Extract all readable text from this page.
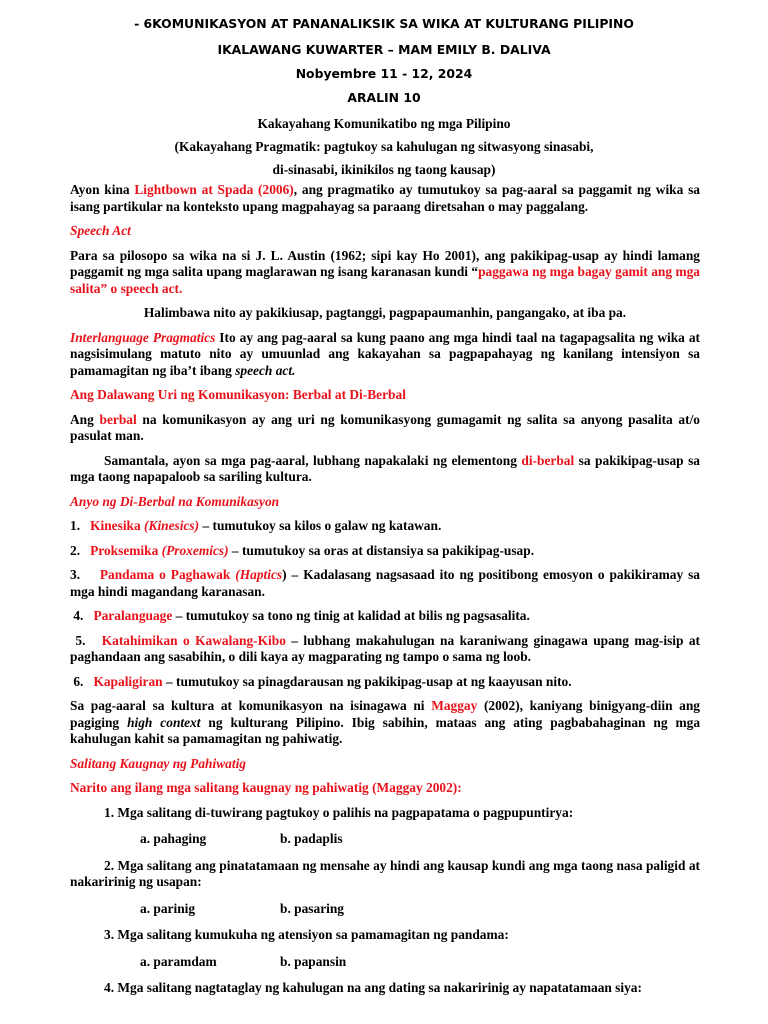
- 6KOMUNIKASYON AT PANANALIKSIK SA WIKA AT KULTURANG PILIPINO
IKALAWANG KUWARTER – MAM EMILY B. DALIVA
Nobyembre 11 - 12, 2024
ARALIN 10
Kakayahang Komunikatibo ng mga Pilipino
(Kakayahang Pragmatik: pagtukoy sa kahulugan ng sitwasyong sinasabi,
di-sinasabi, ikinikilos ng taong kausap)

Ayon kina Lightbown at Spada (2006), ang pragmatiko ay tumutukoy sa pag-aaral sa paggamit ng wika sa isang partikular na konteksto upang magpahayag sa paraang diretsahan o may paggalang.

Speech Act

Para sa pilosopo sa wika na si J. L. Austin (1962; sipi kay Ho 2001), ang pakikipag-usap ay hindi lamang paggamit ng mga salita upang maglarawan ng isang karanasan kundi “paggawa ng mga bagay gamit ang mga salita” o speech act.

Halimbawa nito ay pakikiusap, pagtanggi, pagpapaumanhin, pangangako, at iba pa.

Interlanguage Pragmatics Ito ay ang pag-aaral sa kung paano ang mga hindi taal na tagapagsalita ng wika at nagsisimulang matuto nito ay umuunlad ang kakayahan sa pagpapahayag ng kanilang intensiyon sa pamamagitan ng iba’t ibang speech act.

Ang Dalawang Uri ng Komunikasyon: Berbal at Di-Berbal

Ang berbal na komunikasyon ay ang uri ng komunikasyong gumagamit ng salita sa anyong pasalita at/o pasulat man.

Samantala, ayon sa mga pag-aaral, lubhang napakalaki ng elementong di-berbal sa pakikipag-usap sa mga taong napapaloob sa sariling kultura.

Anyo ng Di-Berbal na Komunikasyon

1.   Kinesika (Kinesics) – tumutukoy sa kilos o galaw ng katawan.

2.   Proksemika (Proxemics) – tumutukoy sa oras at distansiya sa pakikipag-usap.

3.    Pandama o Paghawak (Haptics) – Kadalasang nagsasaad ito ng positibong emosyon o pakikiramay sa mga hindi magandang karanasan.

4.   Paralanguage – tumutukoy sa tono ng tinig at kalidad at bilis ng pagsasalita.

5.   Katahimikan o Kawalang-Kibo – lubhang makahulugan na karaniwang ginagawa upang mag-isip at paghandaan ang sasabihin, o dili kaya ay magparating ng tampo o sama ng loob.

6.   Kapaligiran – tumutukoy sa pinagdarausan ng pakikipag-usap at ng kaayusan nito.

Sa pag-aaral sa kultura at komunikasyon na isinagawa ni Maggay (2002), kaniyang binigyang-diin ang pagiging high context ng kulturang Pilipino. Ibig sabihin, mataas ang ating pagbabahaginan ng mga kahulugan kahit sa pamamagitan ng pahiwatig.

Salitang Kaugnay ng Pahiwatig
Narito ang ilang mga salitang kaugnay ng pahiwatig (Maggay 2002):

1. Mga salitang di-tuwirang pagtukoy o palihis na pagpapatama o pagpupuntirya:

a. pahaging	b. padaplis

2. Mga salitang ang pinatatamaan ng mensahe ay hindi ang kausap kundi ang mga taong nasa paligid at nakaririnig ng usapan:

a. parinig	b. pasaring

3. Mga salitang kumukuha ng atensiyon sa pamamagitan ng pandama:

a. paramdam	b. papansin

4. Mga salitang nagtataglay ng kahulugan na ang dating sa nakaririnig ay napatatamaan siya:
